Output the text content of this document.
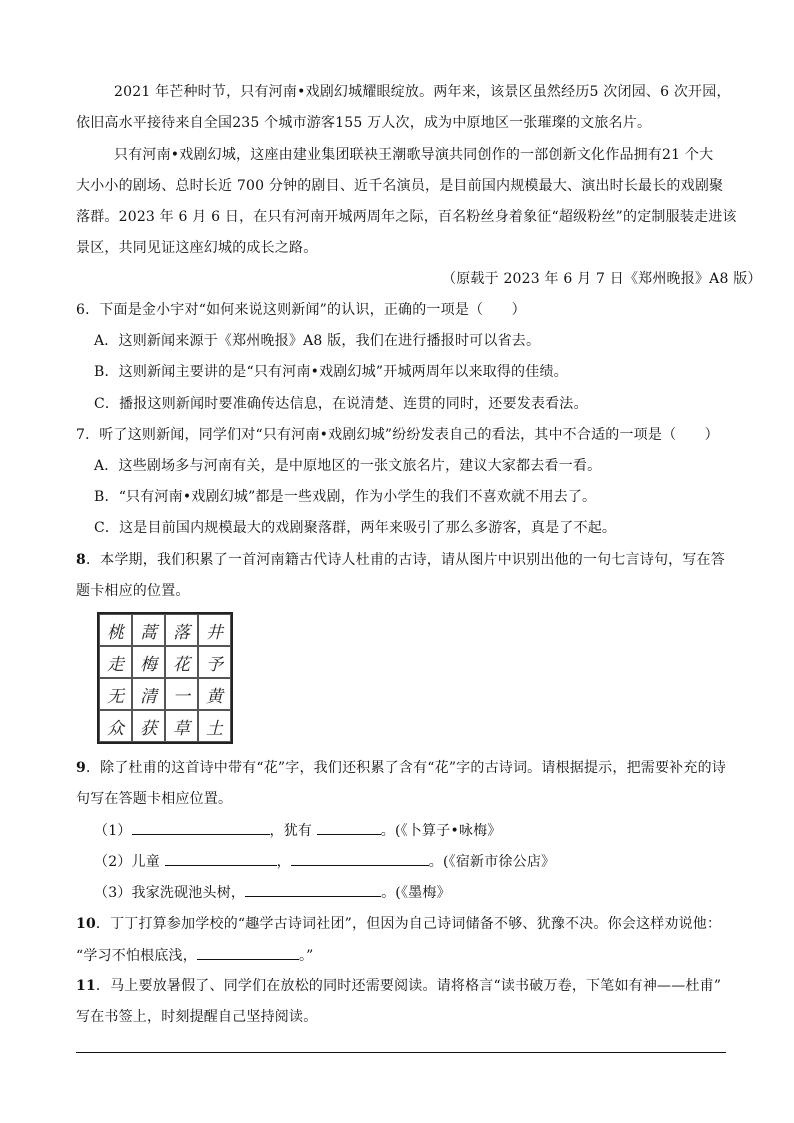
2021 年芒种时节，只有河南•戏剧幻城耀眼绽放。两年来，该景区虽然经历5 次闭园、6 次开园，
依旧高水平接待来自全国235 个城市游客155 万人次，成为中原地区一张璀璨的文旅名片。
只有河南•戏剧幻城，这座由建业集团联袂王潮歌导演共同创作的一部创新文化作品拥有21 个大
大小小的剧场、总时长近 700 分钟的剧目、近千名演员，是目前国内规模最大、演出时长最长的戏剧聚
落群。2023 年 6 月 6 日，在只有河南开城两周年之际，百名粉丝身着象征“超级粉丝”的定制服装走进该
景区，共同见证这座幻城的成长之路。
（原载于 2023 年 6 月 7 日《郑州晚报》A8 版）
6．下面是金小宇对“如何来说这则新闻”的认识，正确的一项是（　　）
A．这则新闻来源于《郑州晚报》A8 版，我们在进行播报时可以省去。
B．这则新闻主要讲的是“只有河南•戏剧幻城”开城两周年以来取得的佳绩。
C．播报这则新闻时要准确传达信息，在说清楚、连贯的同时，还要发表看法。
7．听了这则新闻，同学们对“只有河南•戏剧幻城”纷纷发表自己的看法，其中不合适的一项是（　　）
A．这些剧场多与河南有关，是中原地区的一张文旅名片，建议大家都去看一看。
B．“只有河南•戏剧幻城”都是一些戏剧，作为小学生的我们不喜欢就不用去了。
C．这是目前国内规模最大的戏剧聚落群，两年来吸引了那么多游客，真是了不起。
8．本学期，我们积累了一首河南籍古代诗人杜甫的古诗，请从图片中识别出他的一句七言诗句，写在答
题卡相应的位置。
桃 蒿 落 井
走 梅 花 予
无 清 一 黄
众 获 草 土
9．除了杜甫的这首诗中带有“花”字，我们还积累了含有“花”字的古诗词。请根据提示，把需要补充的诗
句写在答题卡相应位置。
（1）	，犹有	。(《卜算子•咏梅》
（2）儿童	，	。(《宿新市徐公店》
（3）我家洗砚池头树，	。(《墨梅》
10．丁丁打算参加学校的“趣学古诗词社团”，但因为自己诗词储备不够、犹豫不决。你会这样劝说他：
“学习不怕根底浅，	。”
11．马上要放暑假了、同学们在放松的同时还需要阅读。请将格言“读书破万卷，下笔如有神——杜甫”
写在书签上，时刻提醒自己坚持阅读。
